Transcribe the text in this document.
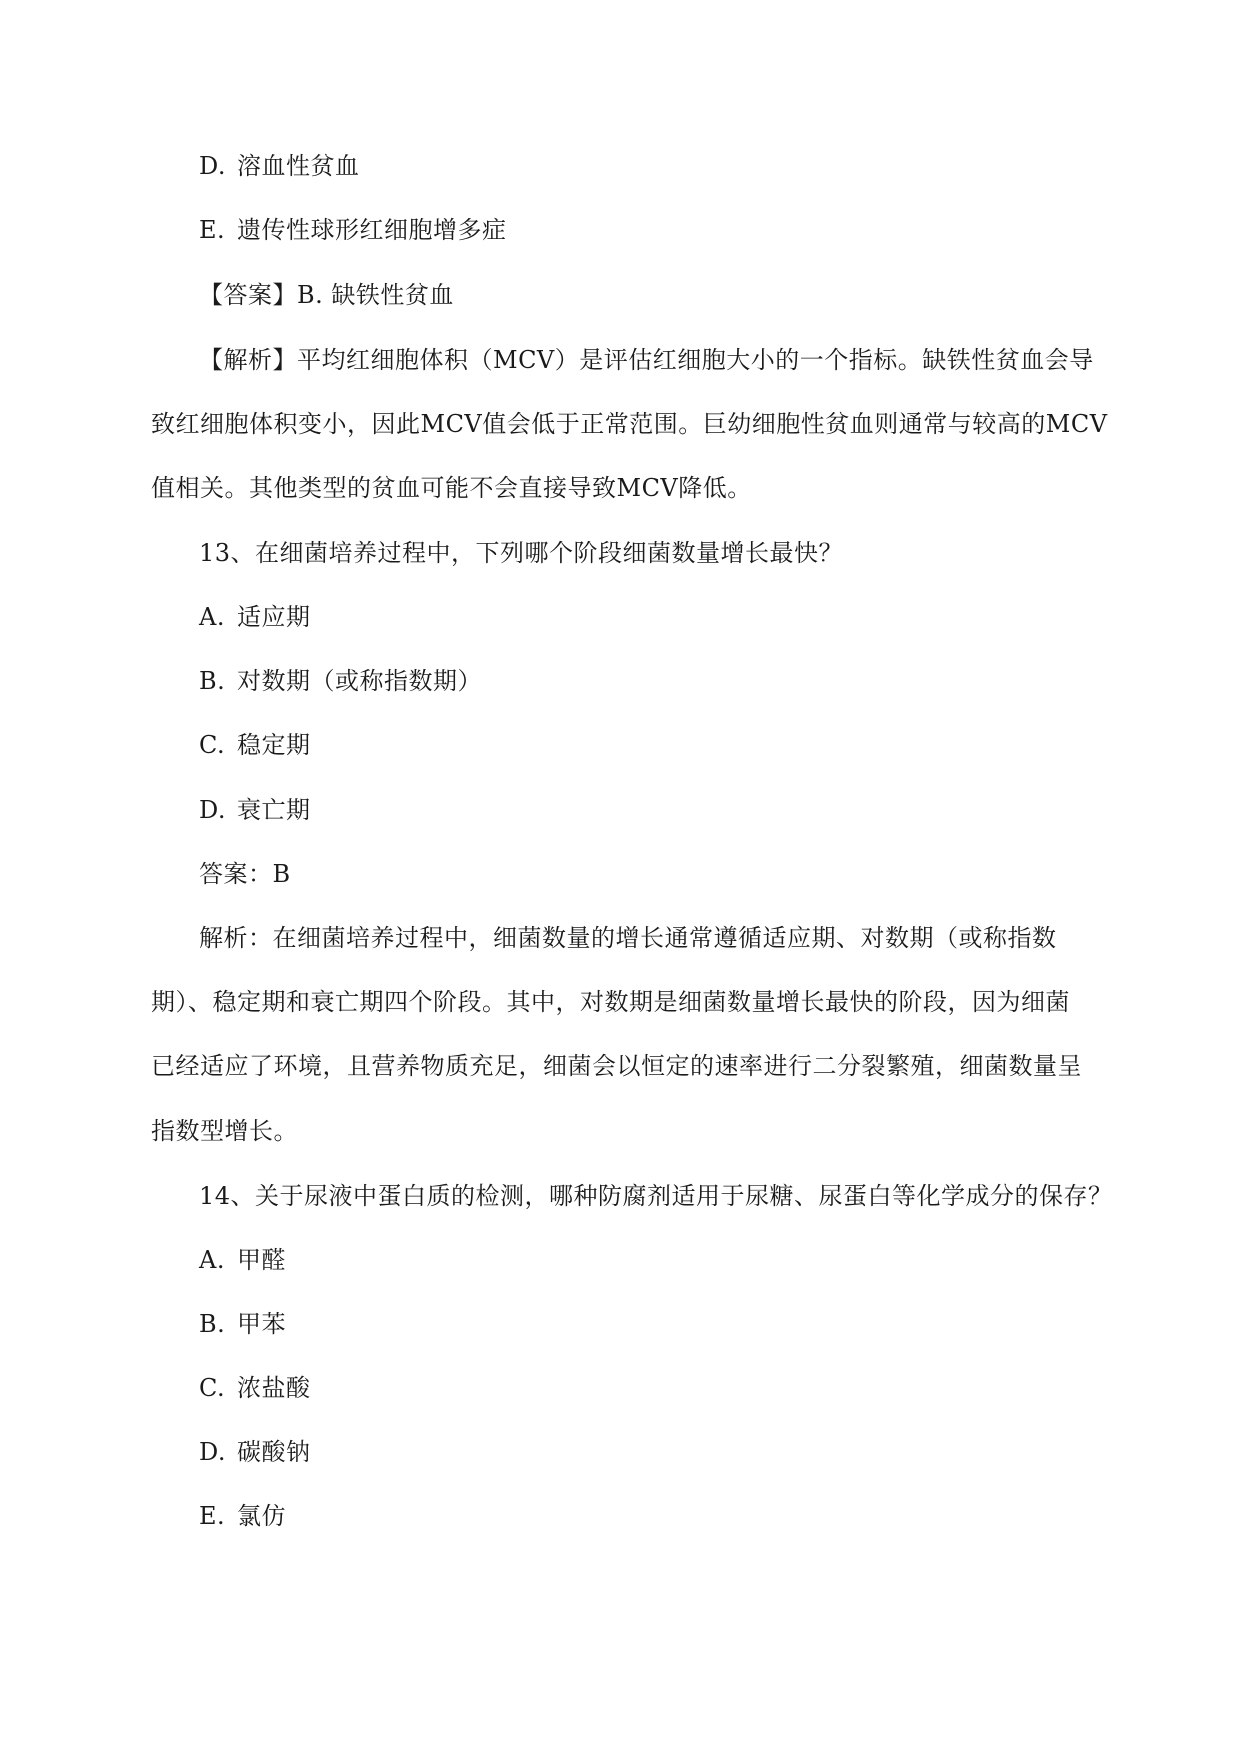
D. 溶血性贫血
E. 遗传性球形红细胞增多症
【答案】B. 缺铁性贫血
【解析】平均红细胞体积（MCV）是评估红细胞大小的一个指标。缺铁性贫血会导
致红细胞体积变小，因此MCV值会低于正常范围。巨幼细胞性贫血则通常与较高的MCV
值相关。其他类型的贫血可能不会直接导致MCV降低。
13、在细菌培养过程中，下列哪个阶段细菌数量增长最快？
A. 适应期
B. 对数期（或称指数期）
C. 稳定期
D. 衰亡期
答案：B
解析：在细菌培养过程中，细菌数量的增长通常遵循适应期、对数期（或称指数
期）、稳定期和衰亡期四个阶段。其中，对数期是细菌数量增长最快的阶段，因为细菌
已经适应了环境，且营养物质充足，细菌会以恒定的速率进行二分裂繁殖，细菌数量呈
指数型增长。
14、关于尿液中蛋白质的检测，哪种防腐剂适用于尿糖、尿蛋白等化学成分的保存？
A. 甲醛
B. 甲苯
C. 浓盐酸
D. 碳酸钠
E. 氯仿
